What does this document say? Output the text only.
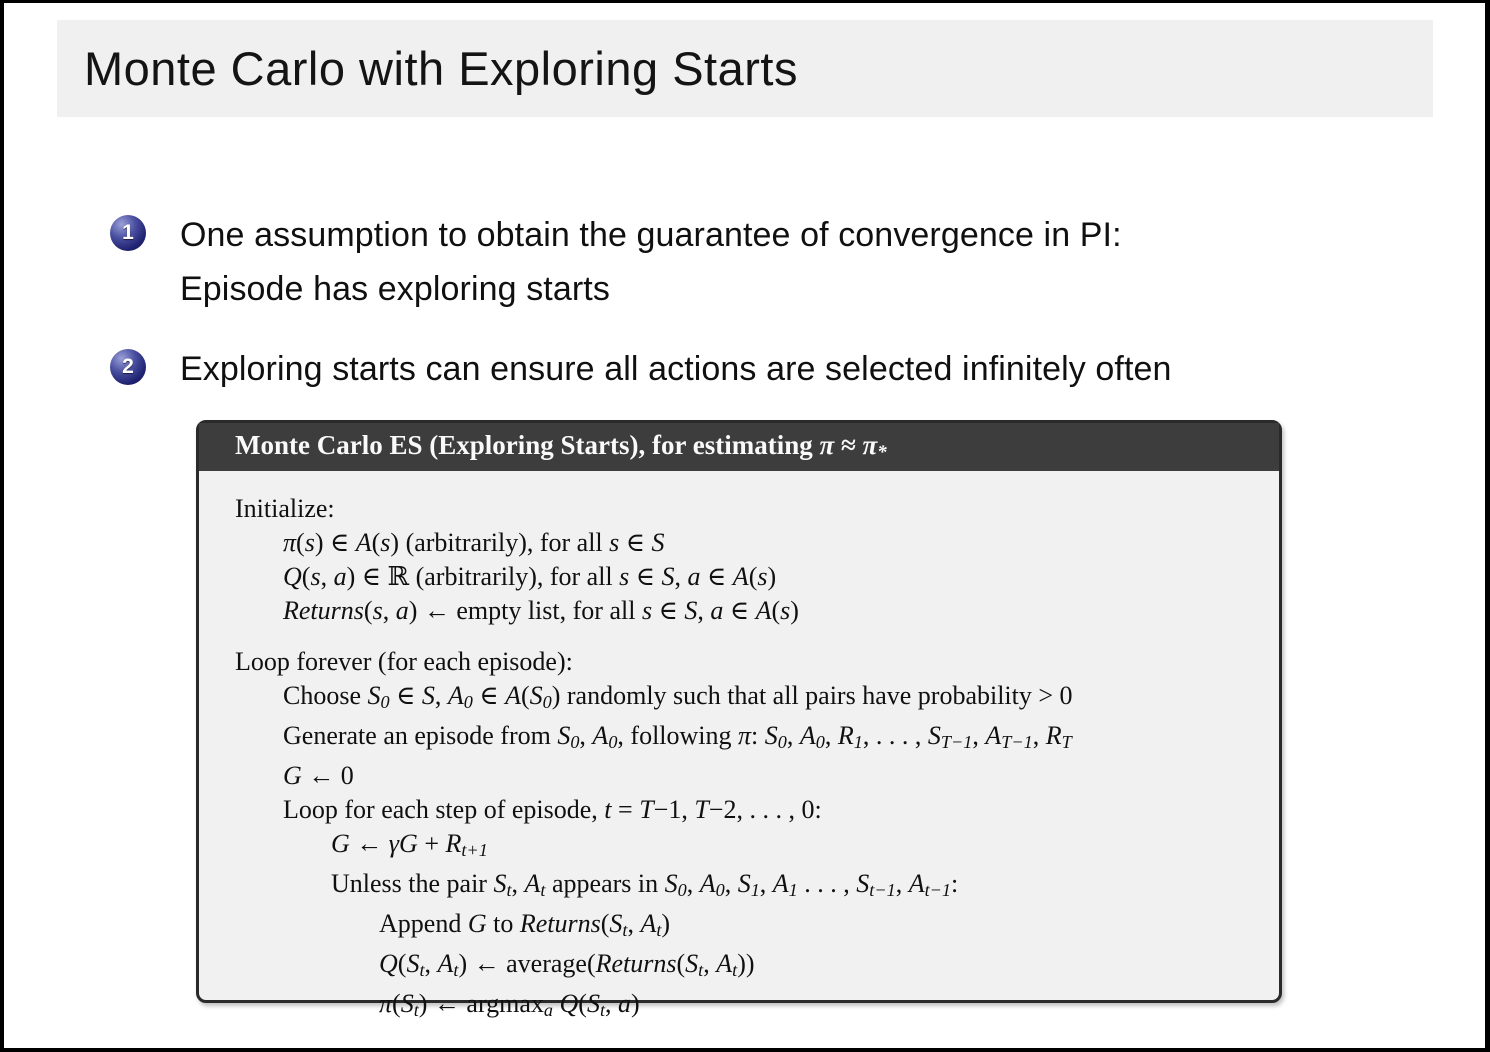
Monte Carlo with Exploring Starts
1	One assumption to obtain the guarantee of convergence in PI:
Episode has exploring starts
2	Exploring starts can ensure all actions are selected infinitely often
Monte Carlo ES (Exploring Starts), for estimating π ≈ π*
Initialize:
π(s) ∈ A(s) (arbitrarily), for all s ∈ S
Q(s, a) ∈ ℝ (arbitrarily), for all s ∈ S, a ∈ A(s)
Returns(s, a) ← empty list, for all s ∈ S, a ∈ A(s)
Loop forever (for each episode):
Choose S0 ∈ S, A0 ∈ A(S0) randomly such that all pairs have probability > 0
Generate an episode from S0, A0, following π: S0, A0, R1, . . . , ST−1, AT−1, RT
G ← 0
Loop for each step of episode, t = T−1, T−2, . . . , 0:
G ← γG + Rt+1
Unless the pair St, At appears in S0, A0, S1, A1 . . . , St−1, At−1:
Append G to Returns(St, At)
Q(St, At) ← average(Returns(St, At))
π(St) ← argmaxa Q(St, a)
